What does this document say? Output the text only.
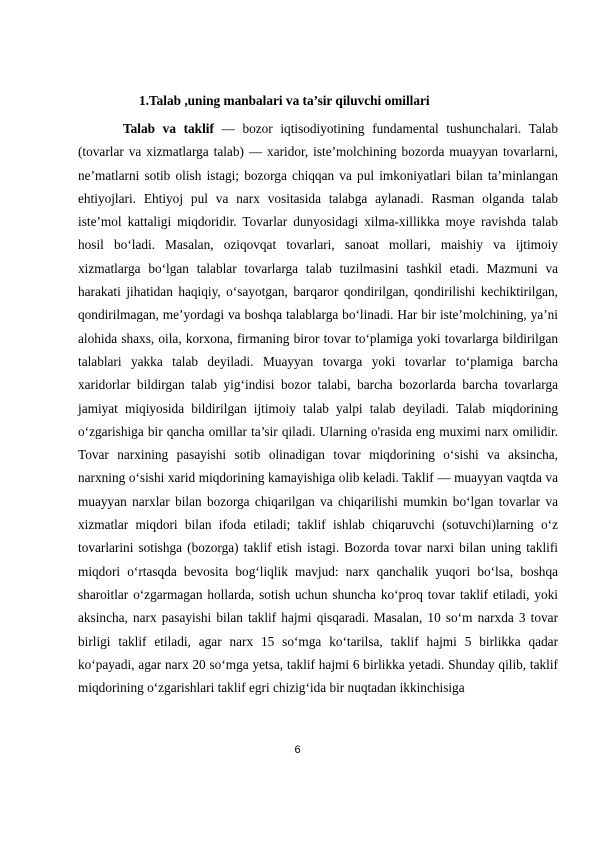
1.Talab ,uning manbalari va ta’sir qiluvchi omillari

Talab va taklif — bozor iqtisodiyotining fundamental tushunchalari. Talab (tovarlar va xizmatlarga talab) — xaridor, iste’molchining bozorda muayyan tovarlarni, ne’matlarni sotib olish istagi; bozorga chiqqan va pul imkoniyatlari bilan ta’minlangan ehtiyojlari. Ehtiyoj pul va narx vositasida talabga aylanadi. Rasman olganda talab iste’mol kattaligi miqdoridir. Tovarlar dunyosidagi xilma-xillikka moye ravishda talab hosil bo‘ladi. Masalan, oziqovqat tovarlari, sanoat mollari, maishiy va ijtimoiy xizmatlarga bo‘lgan talablar tovarlarga talab tuzilmasini tashkil etadi. Mazmuni va harakati jihatidan haqiqiy, o‘sayotgan, barqaror qondirilgan, qondirilishi kechiktirilgan, qondirilmagan, me’yordagi va boshqa talablarga bo‘linadi. Har bir iste’molchining, ya’ni alohida shaxs, oila, korxona, firmaning biror tovar to‘plamiga yoki tovarlarga bildirilgan talablari yakka talab deyiladi. Muayyan tovarga yoki tovarlar to‘plamiga barcha xaridorlar bildirgan talab yig‘indisi bozor talabi, barcha bozorlarda barcha tovarlarga jamiyat miqiyosida bildirilgan ijtimoiy talab yalpi talab deyiladi. Talab miqdorining o‘zgarishiga bir qancha omillar ta’sir qiladi. Ularning o'rasida eng muximi narx omilidir. Tovar narxining pasayishi sotib olinadigan tovar miqdorining o‘sishi va aksincha, narxning o‘sishi xarid miqdorining kamayishiga olib keladi. Taklif — muayyan vaqtda va muayyan narxlar bilan bozorga chiqarilgan va chiqarilishi mumkin bo‘lgan tovarlar va xizmatlar miqdori bilan ifoda etiladi; taklif ishlab chiqaruvchi (sotuvchi)larning o‘z tovarlarini sotishga (bozorga) taklif etish istagi. Bozorda tovar narxi bilan uning taklifi miqdori o‘rtasqda bevosita bog‘liqlik mavjud: narx qanchalik yuqori bo‘lsa, boshqa sharoitlar o‘zgarmagan hollarda, sotish uchun shuncha ko‘proq tovar taklif etiladi, yoki aksincha, narx pasayishi bilan taklif hajmi qisqaradi. Masalan, 10 so‘m narxda 3 tovar birligi taklif etiladi, agar narx 15 so‘mga ko‘tarilsa, taklif hajmi 5 birlikka qadar ko‘payadi, agar narx 20 so‘mga yetsa, taklif hajmi 6 birlikka yetadi. Shunday qilib, taklif miqdorining o‘zgarishlari taklif egri chizig‘ida bir nuqtadan ikkinchisiga

6
